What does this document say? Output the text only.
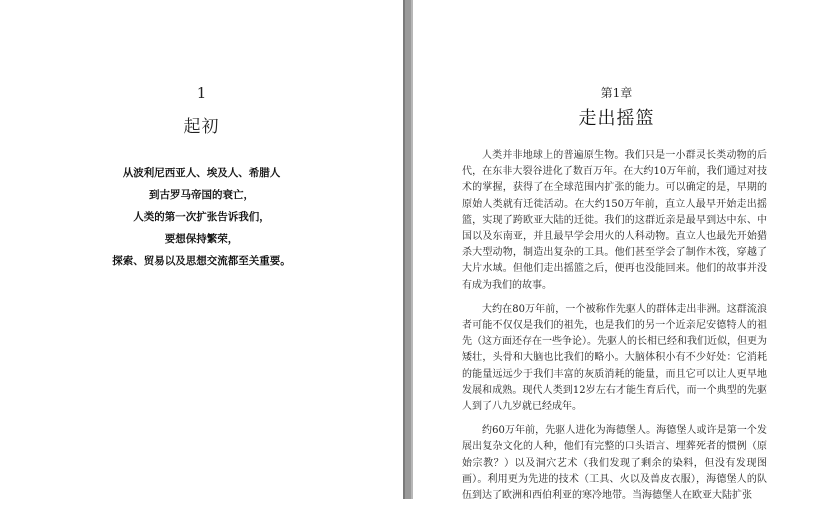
1
起初
从波利尼西亚人、埃及人、希腊人
到古罗马帝国的衰亡，
人类的第一次扩张告诉我们，
要想保持繁荣，
探索、贸易以及思想交流都至关重要。
第1章
走出摇篮

人类并非地球上的普遍原生物。我们只是一小群灵长类动物的后代，在东非大裂谷进化了数百万年。在大约10万年前，我们通过对技术的掌握，获得了在全球范围内扩张的能力。可以确定的是，早期的原始人类就有迁徙活动。在大约150万年前，直立人最早开始走出摇篮，实现了跨欧亚大陆的迁徙。我们的这群近亲是最早到达中东、中国以及东南亚，并且最早学会用火的人科动物。直立人也最先开始猎杀大型动物，制造出复杂的工具。他们甚至学会了制作木筏，穿越了大片水域。但他们走出摇篮之后，便再也没能回来。他们的故事并没有成为我们的故事。

大约在80万年前，一个被称作先驱人的群体走出非洲。这群流浪者可能不仅仅是我们的祖先，也是我们的另一个近亲尼安德特人的祖先（这方面还存在一些争论）。先驱人的长相已经和我们近似，但更为矮壮，头骨和大脑也比我们的略小。大脑体积小有不少好处：它消耗的能量远远少于我们丰富的灰质消耗的能量，而且它可以让人更早地发展和成熟。现代人类到12岁左右才能生育后代，而一个典型的先驱人到了八九岁就已经成年。

约60万年前，先驱人进化为海德堡人。海德堡人或许是第一个发展出复杂文化的人种，他们有完整的口头语言、埋葬死者的惯例（原始宗教？）以及洞穴艺术（我们发现了剩余的染料，但没有发现图画）。利用更为先进的技术（工具、火以及兽皮衣服），海德堡人的队伍到达了欧洲和西伯利亚的寒冷地带。当海德堡人在欧亚大陆扩张
